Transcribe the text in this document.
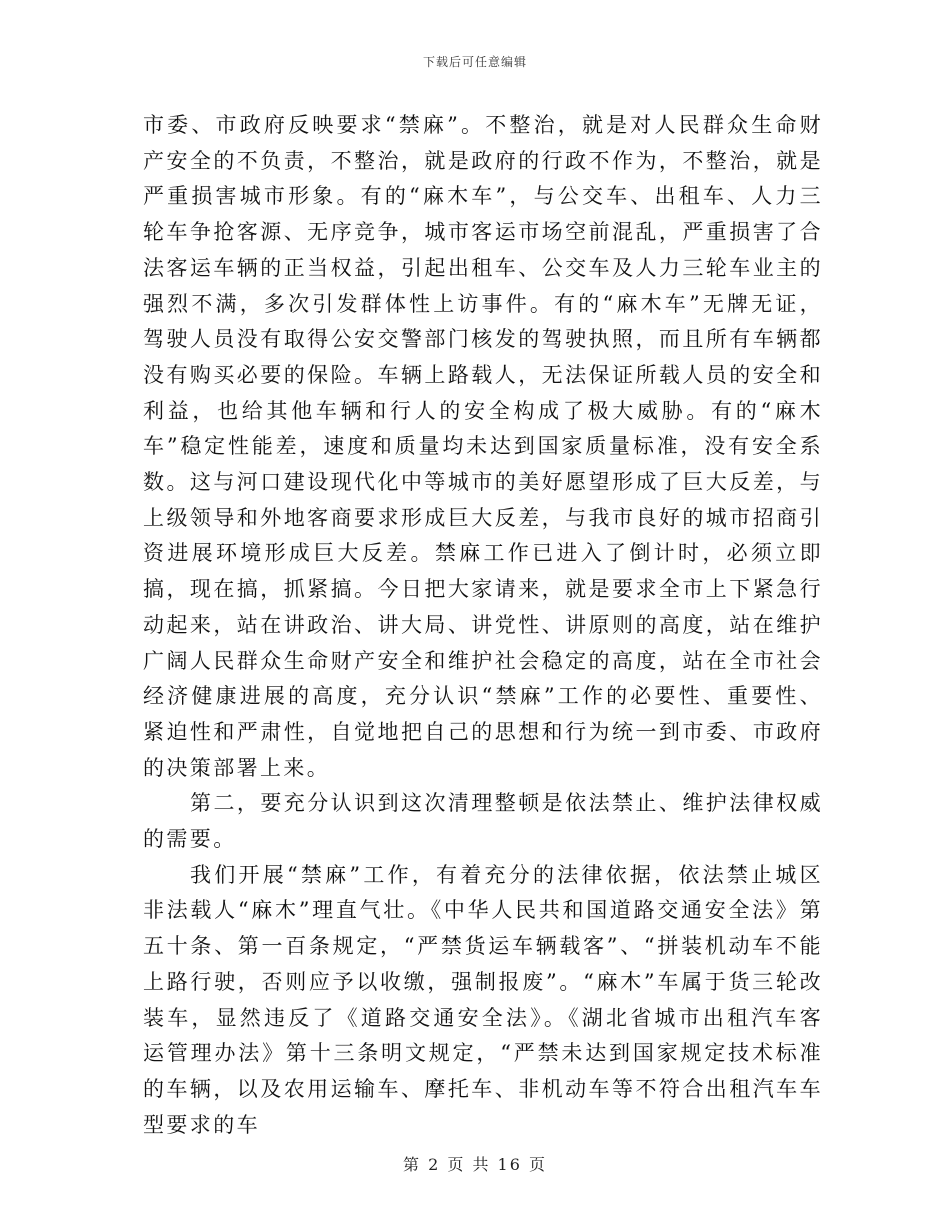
下载后可任意编辑

市委、市政府反映要求“禁麻”。不整治，就是对人民群众生命财产安全的不负责，不整治，就是政府的行政不作为，不整治，就是严重损害城市形象。有的“麻木车”，与公交车、出租车、人力三轮车争抢客源、无序竞争，城市客运市场空前混乱，严重损害了合法客运车辆的正当权益，引起出租车、公交车及人力三轮车业主的强烈不满，多次引发群体性上访事件。有的“麻木车”无牌无证，驾驶人员没有取得公安交警部门核发的驾驶执照，而且所有车辆都没有购买必要的保险。车辆上路载人，无法保证所载人员的安全和利益，也给其他车辆和行人的安全构成了极大威胁。有的“麻木车”稳定性能差，速度和质量均未达到国家质量标准，没有安全系数。这与河口建设现代化中等城市的美好愿望形成了巨大反差，与上级领导和外地客商要求形成巨大反差，与我市良好的城市招商引资进展环境形成巨大反差。禁麻工作已进入了倒计时，必须立即搞，现在搞，抓紧搞。今日把大家请来，就是要求全市上下紧急行动起来，站在讲政治、讲大局、讲党性、讲原则的高度，站在维护广阔人民群众生命财产安全和维护社会稳定的高度，站在全市社会经济健康进展的高度，充分认识“禁麻”工作的必要性、重要性、紧迫性和严肃性，自觉地把自己的思想和行为统一到市委、市政府的决策部署上来。

第二，要充分认识到这次清理整顿是依法禁止、维护法律权威的需要。

我们开展“禁麻”工作，有着充分的法律依据，依法禁止城区非法载人“麻木”理直气壮。《中华人民共和国道路交通安全法》第五十条、第一百条规定，“严禁货运车辆载客”、“拼装机动车不能上路行驶，否则应予以收缴，强制报废”。“麻木”车属于货三轮改装车，显然违反了《道路交通安全法》。《湖北省城市出租汽车客运管理办法》第十三条明文规定，“严禁未达到国家规定技术标准的车辆，以及农用运输车、摩托车、非机动车等不符合出租汽车车型要求的车

第 2 页 共 16 页
